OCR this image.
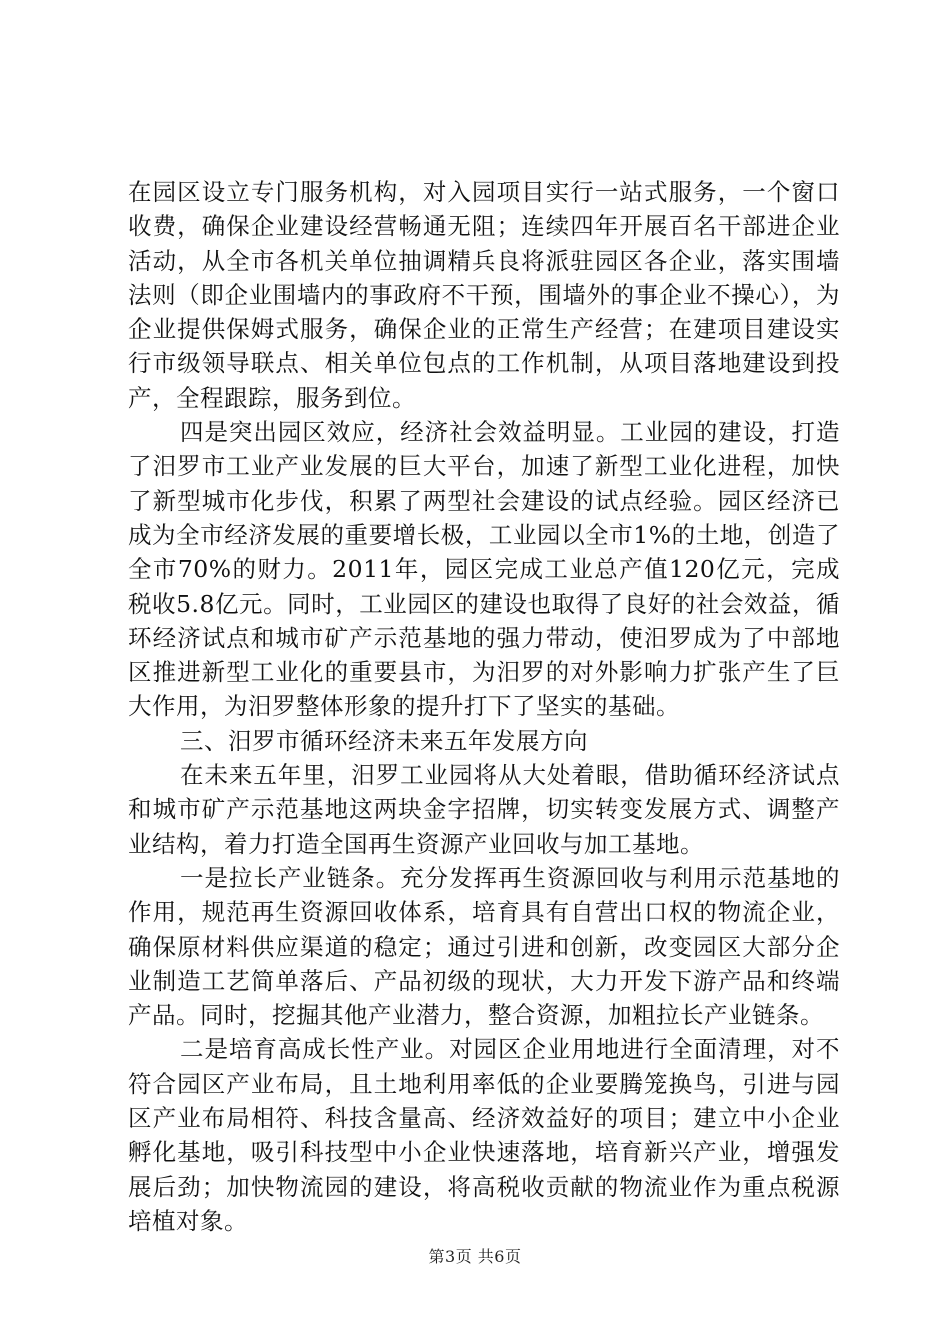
在园区设立专门服务机构，对入园项目实行一站式服务，一个窗口收费，确保企业建设经营畅通无阻；连续四年开展百名干部进企业活动，从全市各机关单位抽调精兵良将派驻园区各企业，落实围墙法则（即企业围墙内的事政府不干预，围墙外的事企业不操心），为企业提供保姆式服务，确保企业的正常生产经营；在建项目建设实行市级领导联点、相关单位包点的工作机制，从项目落地建设到投产，全程跟踪，服务到位。

四是突出园区效应，经济社会效益明显。工业园的建设，打造了汨罗市工业产业发展的巨大平台，加速了新型工业化进程，加快了新型城市化步伐，积累了两型社会建设的试点经验。园区经济已成为全市经济发展的重要增长极，工业园以全市1%的土地，创造了全市70%的财力。2011年，园区完成工业总产值120亿元，完成税收5.8亿元。同时，工业园区的建设也取得了良好的社会效益，循环经济试点和城市矿产示范基地的强力带动，使汨罗成为了中部地区推进新型工业化的重要县市，为汨罗的对外影响力扩张产生了巨大作用，为汨罗整体形象的提升打下了坚实的基础。

三、汨罗市循环经济未来五年发展方向

在未来五年里，汨罗工业园将从大处着眼，借助循环经济试点和城市矿产示范基地这两块金字招牌，切实转变发展方式、调整产业结构，着力打造全国再生资源产业回收与加工基地。

一是拉长产业链条。充分发挥再生资源回收与利用示范基地的作用，规范再生资源回收体系，培育具有自营出口权的物流企业，确保原材料供应渠道的稳定；通过引进和创新，改变园区大部分企业制造工艺简单落后、产品初级的现状，大力开发下游产品和终端产品。同时，挖掘其他产业潜力，整合资源，加粗拉长产业链条。

二是培育高成长性产业。对园区企业用地进行全面清理，对不符合园区产业布局，且土地利用率低的企业要腾笼换鸟，引进与园区产业布局相符、科技含量高、经济效益好的项目；建立中小企业孵化基地，吸引科技型中小企业快速落地，培育新兴产业，增强发展后劲；加快物流园的建设，将高税收贡献的物流业作为重点税源培植对象。

第3页 共6页
